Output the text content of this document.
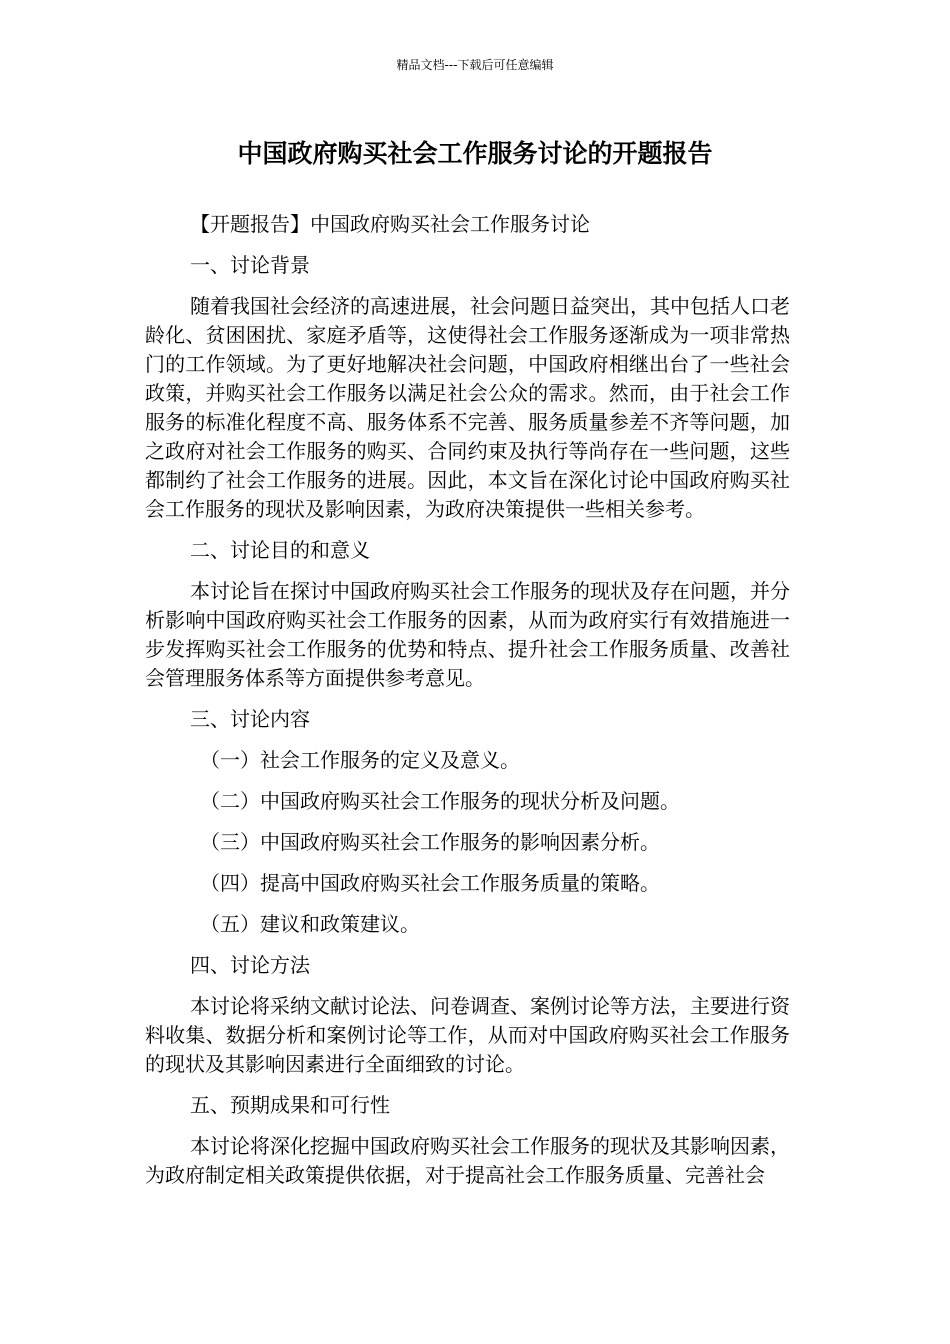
精品文档---下载后可任意编辑
中国政府购买社会工作服务讨论的开题报告

【开题报告】中国政府购买社会工作服务讨论

一、讨论背景

随着我国社会经济的高速进展，社会问题日益突出，其中包括人口老龄化、贫困困扰、家庭矛盾等，这使得社会工作服务逐渐成为一项非常热门的工作领域。为了更好地解决社会问题，中国政府相继出台了一些社会政策，并购买社会工作服务以满足社会公众的需求。然而，由于社会工作服务的标准化程度不高、服务体系不完善、服务质量参差不齐等问题，加之政府对社会工作服务的购买、合同约束及执行等尚存在一些问题，这些都制约了社会工作服务的进展。因此，本文旨在深化讨论中国政府购买社会工作服务的现状及影响因素，为政府决策提供一些相关参考。

二、讨论目的和意义

本讨论旨在探讨中国政府购买社会工作服务的现状及存在问题，并分析影响中国政府购买社会工作服务的因素，从而为政府实行有效措施进一步发挥购买社会工作服务的优势和特点、提升社会工作服务质量、改善社会管理服务体系等方面提供参考意见。

三、讨论内容

（一）社会工作服务的定义及意义。

（二）中国政府购买社会工作服务的现状分析及问题。

（三）中国政府购买社会工作服务的影响因素分析。

（四）提高中国政府购买社会工作服务质量的策略。

（五）建议和政策建议。

四、讨论方法

本讨论将采纳文献讨论法、问卷调查、案例讨论等方法，主要进行资料收集、数据分析和案例讨论等工作，从而对中国政府购买社会工作服务的现状及其影响因素进行全面细致的讨论。

五、预期成果和可行性

本讨论将深化挖掘中国政府购买社会工作服务的现状及其影响因素，为政府制定相关政策提供依据，对于提高社会工作服务质量、完善社会
